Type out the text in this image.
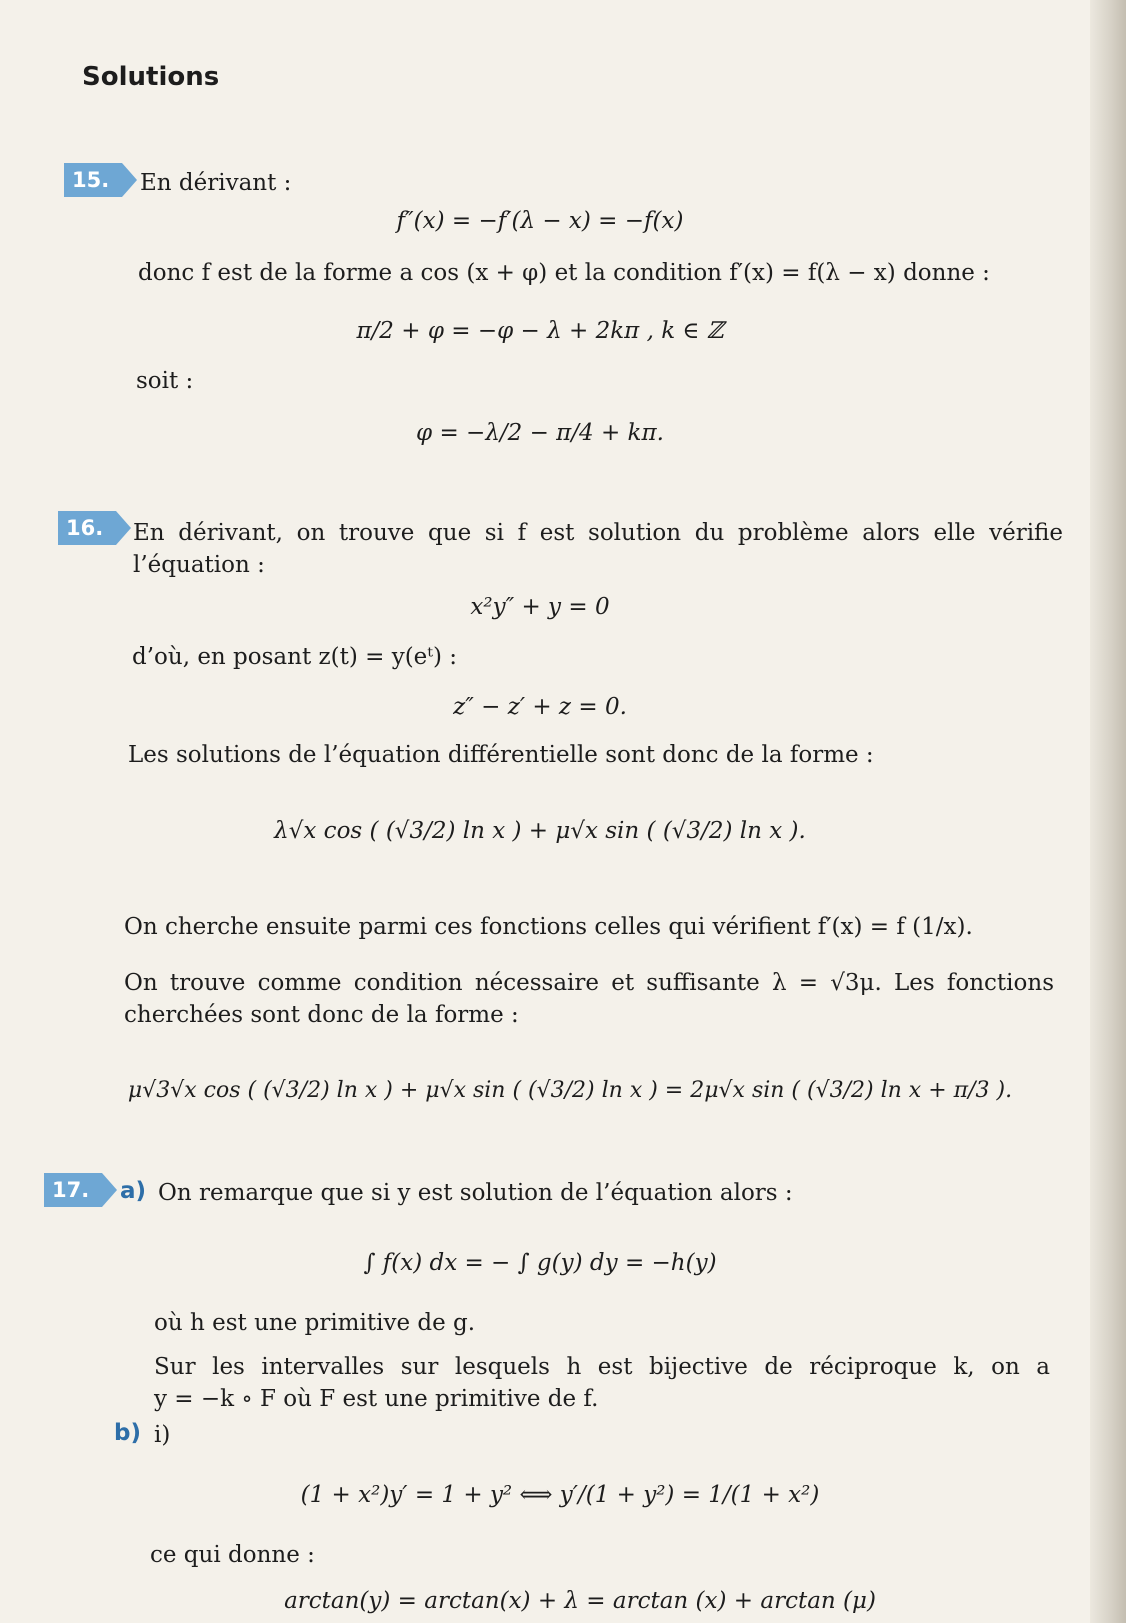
Solutions
15.	En dérivant :
f″(x) = −f′(λ − x) = −f(x)
donc f est de la forme a cos (x + φ) et la condition f′(x) = f(λ − x) donne :
π/2 + φ = −φ − λ + 2kπ , k ∈ ℤ
soit :
φ = −λ/2 − π/4 + kπ.
16.	En dérivant, on trouve que si f est solution du problème alors elle vérifie
l’équation :
x²y″ + y = 0
d’où, en posant z(t) = y(eᵗ) :
z″ − z′ + z = 0.
Les solutions de l’équation différentielle sont donc de la forme :
λ√x cos ( (√3/2) ln x ) + μ√x sin ( (√3/2) ln x ).
On cherche ensuite parmi ces fonctions celles qui vérifient f′(x) = f (1/x).
On trouve comme condition nécessaire et suffisante λ = √3μ. Les fonctions
cherchées sont donc de la forme :
μ√3√x cos ( (√3/2) ln x ) + μ√x sin ( (√3/2) ln x ) = 2μ√x sin ( (√3/2) ln x + π/3 ).
17.	a) On remarque que si y est solution de l’équation alors :
∫ f(x) dx = − ∫ g(y) dy = −h(y)
où h est une primitive de g.
Sur les intervalles sur lesquels h est bijective de réciproque k, on a
y = −k ∘ F où F est une primitive de f.
b) i)
(1 + x²)y′ = 1 + y² ⟺ y′/(1 + y²) = 1/(1 + x²)
ce qui donne :
arctan(y) = arctan(x) + λ = arctan (x) + arctan (μ)
